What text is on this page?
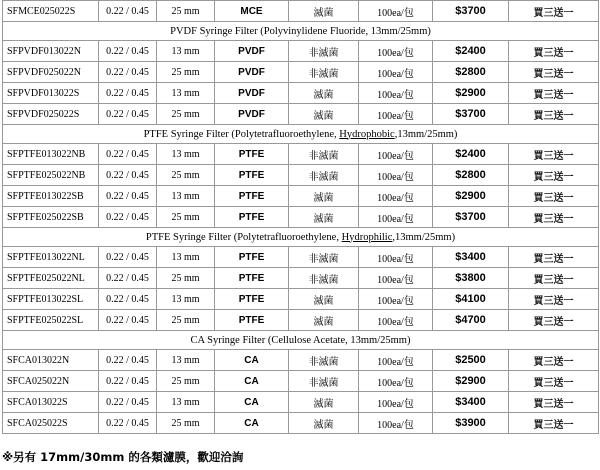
SFMCE025022S	0.22 / 0.45	25 mm	MCE	滅菌	100ea/包	$3700	買三送一
PVDF Syringe Filter (Polyvinylidene Fluoride, 13mm/25mm)							
SFPVDF013022N	0.22 / 0.45	13 mm	PVDF	非滅菌	100ea/包	$2400	買三送一
SFPVDF025022N	0.22 / 0.45	25 mm	PVDF	非滅菌	100ea/包	$2800	買三送一
SFPVDF013022S	0.22 / 0.45	13 mm	PVDF	滅菌	100ea/包	$2900	買三送一
SFPVDF025022S	0.22 / 0.45	25 mm	PVDF	滅菌	100ea/包	$3700	買三送一
PTFE Syringe Filter (Polytetrafluoroethylene, Hydrophobic,13mm/25mm)							
SFPTFE013022NB	0.22 / 0.45	13 mm	PTFE	非滅菌	100ea/包	$2400	買三送一
SFPTFE025022NB	0.22 / 0.45	25 mm	PTFE	非滅菌	100ea/包	$2800	買三送一
SFPTFE013022SB	0.22 / 0.45	13 mm	PTFE	滅菌	100ea/包	$2900	買三送一
SFPTFE025022SB	0.22 / 0.45	25 mm	PTFE	滅菌	100ea/包	$3700	買三送一
PTFE Syringe Filter (Polytetrafluoroethylene, Hydrophilic,13mm/25mm)							
SFPTFE013022NL	0.22 / 0.45	13 mm	PTFE	非滅菌	100ea/包	$3400	買三送一
SFPTFE025022NL	0.22 / 0.45	25 mm	PTFE	非滅菌	100ea/包	$3800	買三送一
SFPTFE013022SL	0.22 / 0.45	13 mm	PTFE	滅菌	100ea/包	$4100	買三送一
SFPTFE025022SL	0.22 / 0.45	25 mm	PTFE	滅菌	100ea/包	$4700	買三送一
CA Syringe Filter (Cellulose Acetate, 13mm/25mm)							
SFCA013022N	0.22 / 0.45	13 mm	CA	非滅菌	100ea/包	$2500	買三送一
SFCA025022N	0.22 / 0.45	25 mm	CA	非滅菌	100ea/包	$2900	買三送一
SFCA013022S	0.22 / 0.45	13 mm	CA	滅菌	100ea/包	$3400	買三送一
SFCA025022S	0.22 / 0.45	25 mm	CA	滅菌	100ea/包	$3900	買三送一
※另有 17mm/30mm 的各類濾膜，歡迎洽詢
